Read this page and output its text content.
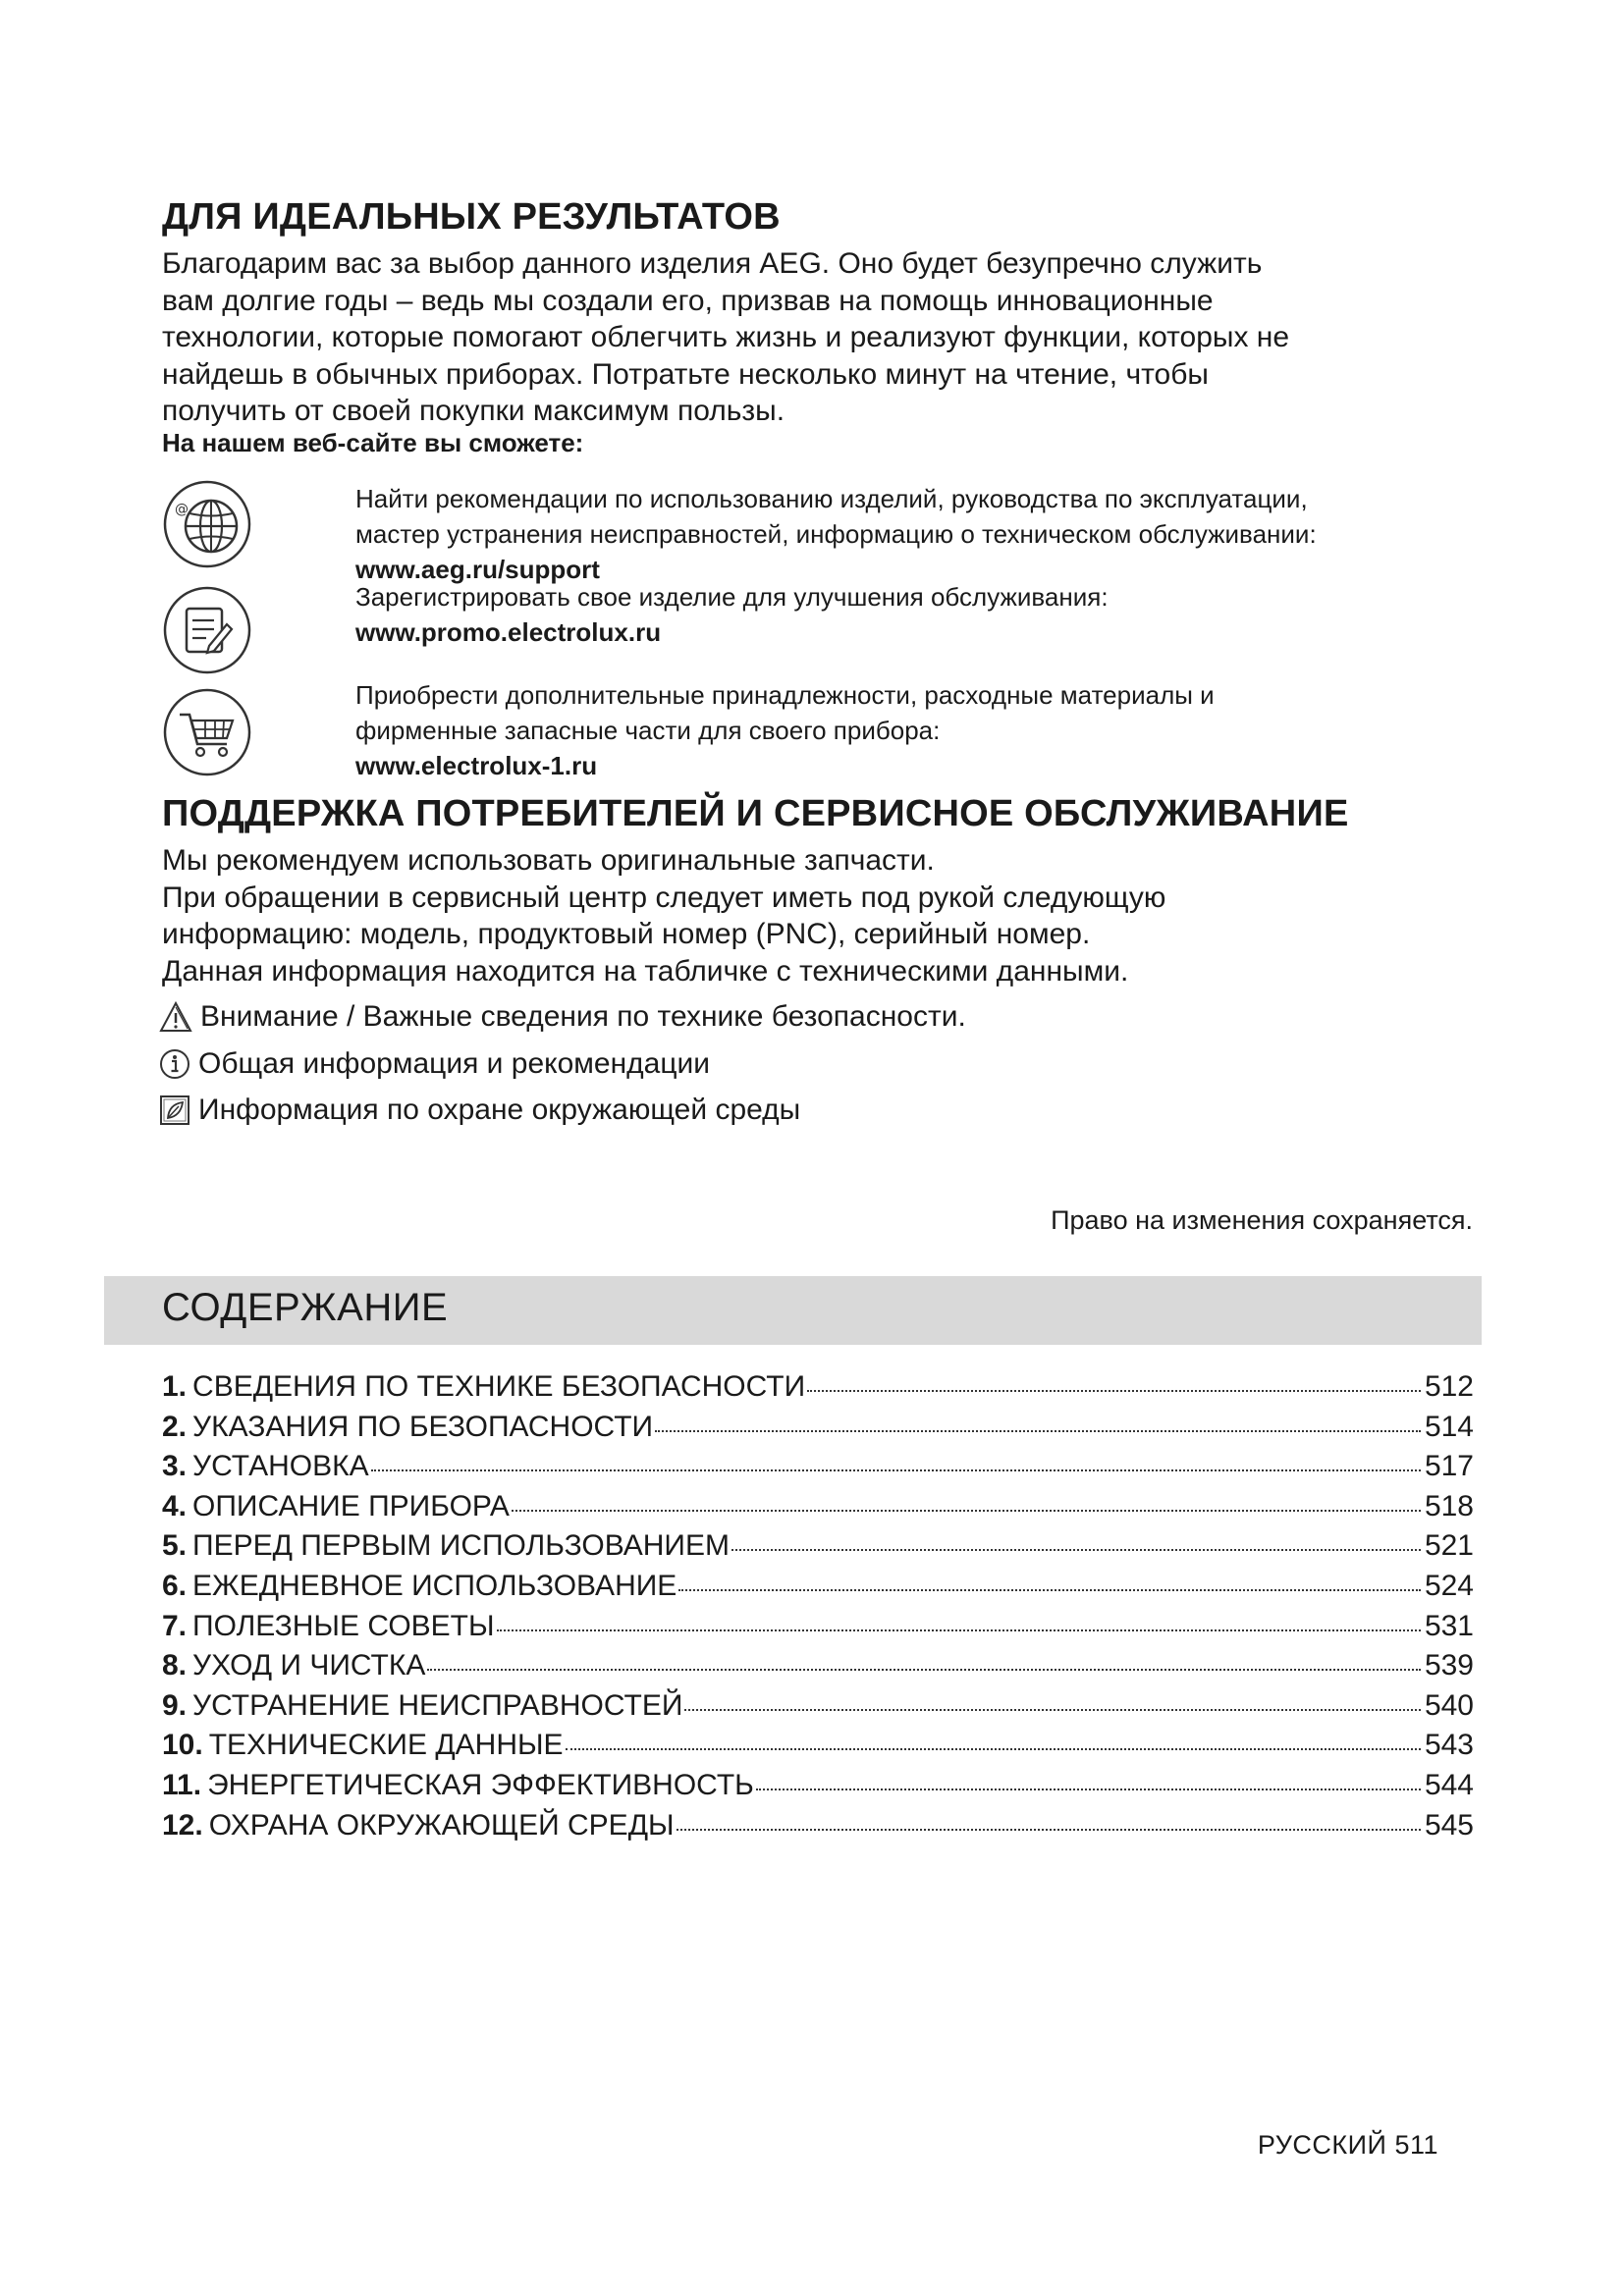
ДЛЯ ИДЕАЛЬНЫХ РЕЗУЛЬТАТОВ

Благодарим вас за выбор данного изделия AEG. Оно будет безупречно служить
вам долгие годы – ведь мы создали его, призвав на помощь инновационные
технологии, которые помогают облегчить жизнь и реализуют функции, которых не
найдешь в обычных приборах. Потратьте несколько минут на чтение, чтобы
получить от своей покупки максимум пользы.

На нашем веб-сайте вы сможете:

@	Найти рекомендации по использованию изделий, руководства по эксплуатации,
мастер устранения неисправностей, информацию о техническом обслуживании:
www.aeg.ru/support
Зарегистрировать свое изделие для улучшения обслуживания:
www.promo.electrolux.ru
Приобрести дополнительные принадлежности, расходные материалы и
фирменные запасные части для своего прибора:
www.electrolux-1.ru
ПОДДЕРЖКА ПОТРЕБИТЕЛЕЙ И СЕРВИСНОЕ ОБСЛУЖИВАНИЕ
Мы рекомендуем использовать оригинальные запчасти.
При обращении в сервисный центр следует иметь под рукой следующую
информацию: модель, продуктовый номер (PNC), серийный номер.
Данная информация находится на табличке с техническими данными.
Внимание / Важные сведения по технике безопасности.
Общая информация и рекомендации
Информация по охране окружающей среды
Право на изменения сохраняется.
СОДЕРЖАНИЕ
1. СВЕДЕНИЯ ПО ТЕХНИКЕ БЕЗОПАСНОСТИ	512
2. УКАЗАНИЯ ПО БЕЗОПАСНОСТИ	514
3. УСТАНОВКА	517
4. ОПИСАНИЕ ПРИБОРА	518
5. ПЕРЕД ПЕРВЫМ ИСПОЛЬЗОВАНИЕМ	521
6. ЕЖЕДНЕВНОЕ ИСПОЛЬЗОВАНИЕ	524
7. ПОЛЕЗНЫЕ СОВЕТЫ	531
8. УХОД И ЧИСТКА	539
9. УСТРАНЕНИЕ НЕИСПРАВНОСТЕЙ	540
10. ТЕХНИЧЕСКИЕ ДАННЫЕ	543
11. ЭНЕРГЕТИЧЕСКАЯ ЭФФЕКТИВНОСТЬ	544
12. ОХРАНА ОКРУЖАЮЩЕЙ СРЕДЫ	545
РУССКИЙ 511
